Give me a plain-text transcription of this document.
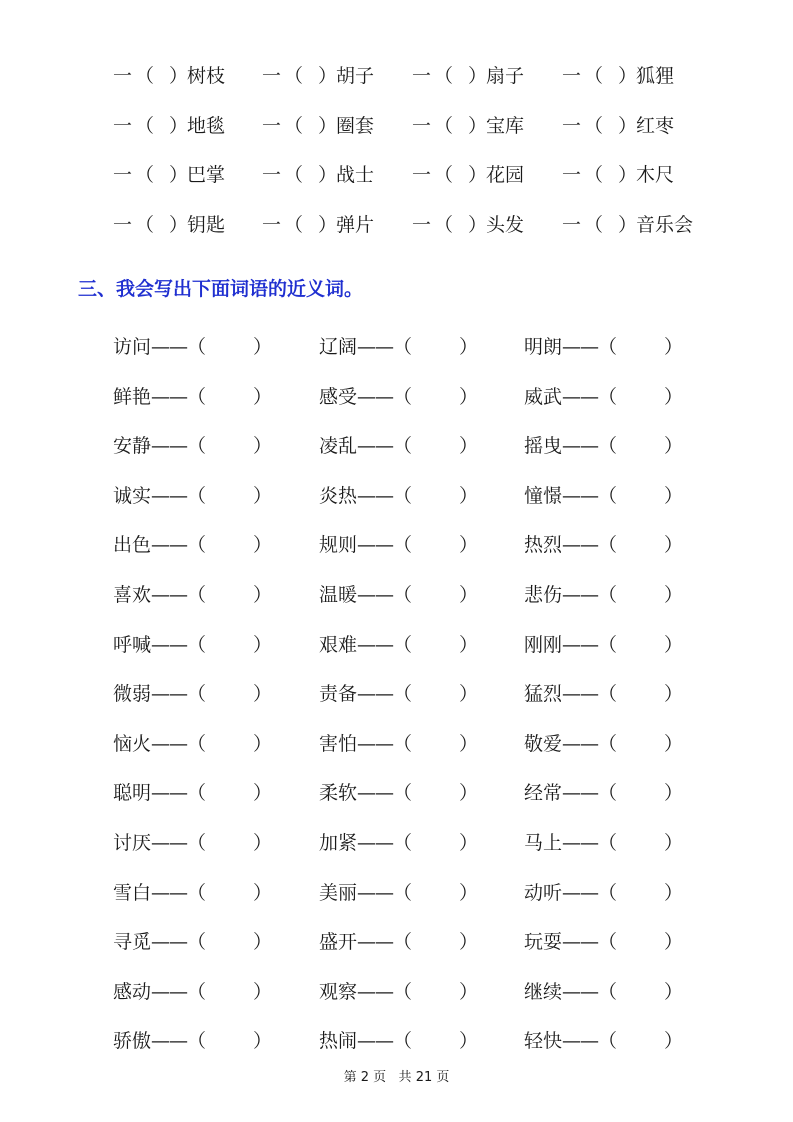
一 （ ）树枝 一 （ ）胡子 一 （ ）扇子 一 （ ）狐狸
一 （ ）地毯 一 （ ）圈套 一 （ ）宝库 一 （ ）红枣
一 （ ）巴掌 一 （ ）战士 一 （ ）花园 一 （ ）木尺
一 （ ）钥匙 一 （ ）弹片 一 （ ）头发 一 （ ）音乐会
三、我会写出下面词语的近义词。
访问——（ ） 辽阔——（ ） 明朗——（ ）
鲜艳——（ ） 感受——（ ） 威武——（ ）
安静——（ ） 凌乱——（ ） 摇曳——（ ）
诚实——（ ） 炎热——（ ） 憧憬——（ ）
出色——（ ） 规则——（ ） 热烈——（ ）
喜欢——（ ） 温暖——（ ） 悲伤——（ ）
呼喊——（ ） 艰难——（ ） 刚刚——（ ）
微弱——（ ） 责备——（ ） 猛烈——（ ）
恼火——（ ） 害怕——（ ） 敬爱——（ ）
聪明——（ ） 柔软——（ ） 经常——（ ）
讨厌——（ ） 加紧——（ ） 马上——（ ）
雪白——（ ） 美丽——（ ） 动听——（ ）
寻觅——（ ） 盛开——（ ） 玩耍——（ ）
感动——（ ） 观察——（ ） 继续——（ ）
骄傲——（ ） 热闹——（ ） 轻快——（ ）
第 2 页   共 21 页
